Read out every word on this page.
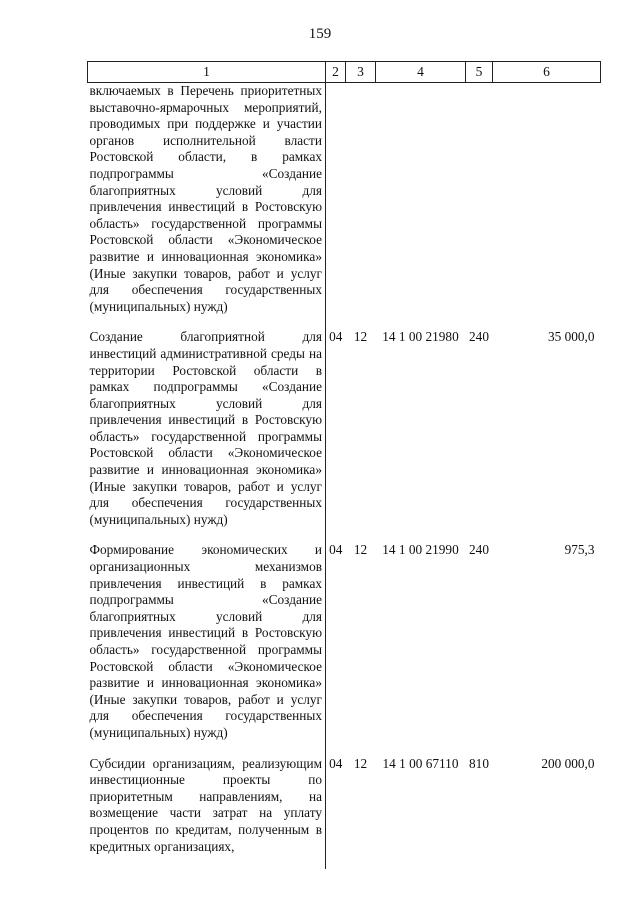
159
1	2	3	4	5	6
включаемых в Перечень приоритетных выставочно-ярмарочных мероприятий, проводимых при поддержке и участии органов исполнительной власти Ростовской области, в рамках подпрограммы «Создание благоприятных условий для привлечения инвестиций в Ростовскую область» государственной программы Ростовской области «Экономическое развитие и инновационная экономика» (Иные закупки товаров, работ и услуг для обеспечения государственных (муниципальных) нужд)					
Создание благоприятной для инвестиций административной среды на территории Ростовской области в рамках подпрограммы «Создание благоприятных условий для привлечения инвестиций в Ростовскую область» государственной программы Ростовской области «Экономическое развитие и инновационная экономика» (Иные закупки товаров, работ и услуг для обеспечения государственных (муниципальных) нужд)	04	12	14 1 00 21980	240	35 000,0
Формирование экономических и организационных механизмов привлечения инвестиций в рамках подпрограммы «Создание благоприятных условий для привлечения инвестиций в Ростовскую область» государственной программы Ростовской области «Экономическое развитие и инновационная экономика» (Иные закупки товаров, работ и услуг для обеспечения государственных (муниципальных) нужд)	04	12	14 1 00 21990	240	975,3
Субсидии организациям, реализующим инвестиционные проекты по приоритетным направлениям, на возмещение части затрат на уплату процентов по кредитам, полученным в кредитных организациях,	04	12	14 1 00 67110	810	200 000,0
